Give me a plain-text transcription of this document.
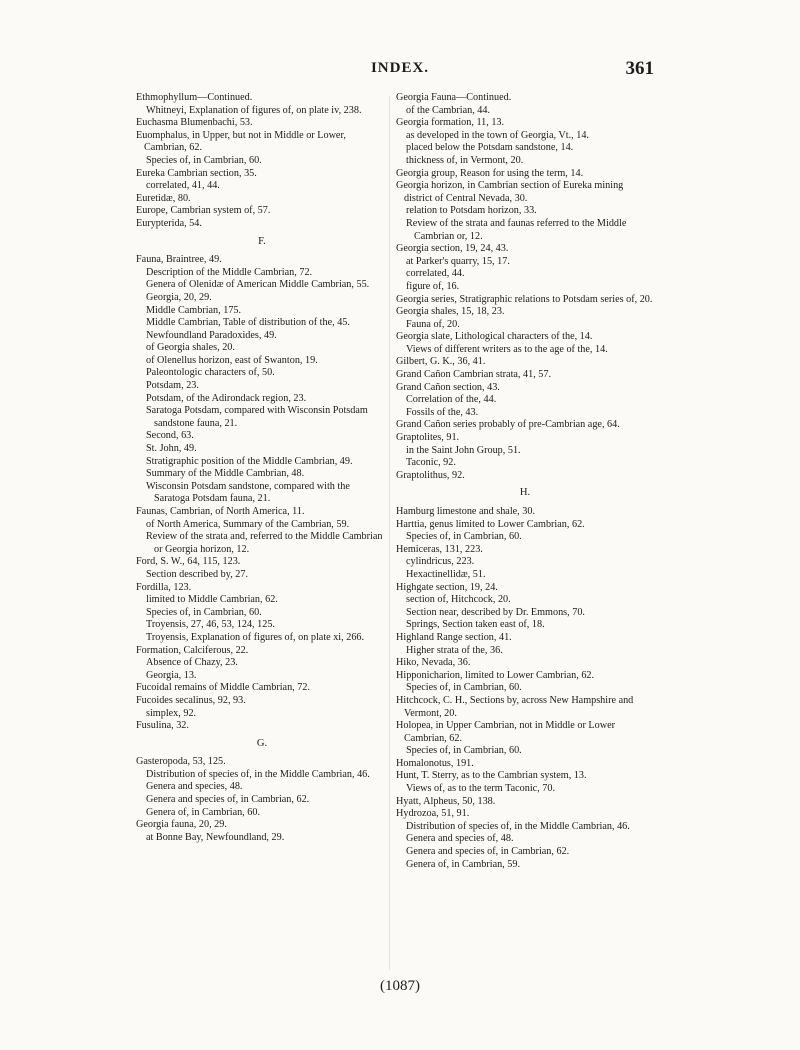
INDEX.	361
Ethmophyllum—Continued.
Whitneyi, Explanation of figures of, on plate iv, 238.
Euchasma Blumenbachi, 53.
Euomphalus, in Upper, but not in Middle or Lower, Cambrian, 62.
Species of, in Cambrian, 60.
Eureka Cambrian section, 35.
correlated, 41, 44.
Euretidæ, 80.
Europe, Cambrian system of, 57.
Eurypterida, 54.
F.
Fauna, Braintree, 49.
Description of the Middle Cambrian, 72.
Genera of Olenidæ of American Middle Cambrian, 55.
Georgia, 20, 29.
Middle Cambrian, 175.
Middle Cambrian, Table of distribution of the, 45.
Newfoundland Paradoxides, 49.
of Georgia shales, 20.
of Olenellus horizon, east of Swanton, 19.
Paleontologic characters of, 50.
Potsdam, 23.
Potsdam, of the Adirondack region, 23.
Saratoga Potsdam, compared with Wisconsin Potsdam sandstone fauna, 21.
Second, 63.
St. John, 49.
Stratigraphic position of the Middle Cambrian, 49.
Summary of the Middle Cambrian, 48.
Wisconsin Potsdam sandstone, compared with the Saratoga Potsdam fauna, 21.
Faunas, Cambrian, of North America, 11.
of North America, Summary of the Cambrian, 59.
Review of the strata and, referred to the Middle Cambrian or Georgia horizon, 12.
Ford, S. W., 64, 115, 123.
Section described by, 27.
Fordilla, 123.
limited to Middle Cambrian, 62.
Species of, in Cambrian, 60.
Troyensis, 27, 46, 53, 124, 125.
Troyensis, Explanation of figures of, on plate xi, 266.
Formation, Calciferous, 22.
Absence of Chazy, 23.
Georgia, 13.
Fucoidal remains of Middle Cambrian, 72.
Fucoides secalinus, 92, 93.
simplex, 92.
Fusulina, 32.
G.
Gasteropoda, 53, 125.
Distribution of species of, in the Middle Cambrian, 46.
Genera and species, 48.
Genera and species of, in Cambrian, 62.
Genera of, in Cambrian, 60.
Georgia fauna, 20, 29.
at Bonne Bay, Newfoundland, 29.
Georgia Fauna—Continued.
of the Cambrian, 44.
Georgia formation, 11, 13.
as developed in the town of Georgia, Vt., 14.
placed below the Potsdam sandstone, 14.
thickness of, in Vermont, 20.
Georgia group, Reason for using the term, 14.
Georgia horizon, in Cambrian section of Eureka mining district of Central Nevada, 30.
relation to Potsdam horizon, 33.
Review of the strata and faunas referred to the Middle Cambrian or, 12.
Georgia section, 19, 24, 43.
at Parker's quarry, 15, 17.
correlated, 44.
figure of, 16.
Georgia series, Stratigraphic relations to Potsdam series of, 20.
Georgia shales, 15, 18, 23.
Fauna of, 20.
Georgia slate, Lithological characters of the, 14.
Views of different writers as to the age of the, 14.
Gilbert, G. K., 36, 41.
Grand Cañon Cambrian strata, 41, 57.
Grand Cañon section, 43.
Correlation of the, 44.
Fossils of the, 43.
Grand Cañon series probably of pre-Cambrian age, 64.
Graptolites, 91.
in the Saint John Group, 51.
Taconic, 92.
Graptolithus, 92.
H.
Hamburg limestone and shale, 30.
Harttia, genus limited to Lower Cambrian, 62.
Species of, in Cambrian, 60.
Hemiceras, 131, 223.
cylindricus, 223.
Hexactinellidæ, 51.
Highgate section, 19, 24.
section of, Hitchcock, 20.
Section near, described by Dr. Emmons, 70.
Springs, Section taken east of, 18.
Highland Range section, 41.
Higher strata of the, 36.
Hiko, Nevada, 36.
Hipponicharion, limited to Lower Cambrian, 62.
Species of, in Cambrian, 60.
Hitchcock, C. H., Sections by, across New Hampshire and Vermont, 20.
Holopea, in Upper Cambrian, not in Middle or Lower Cambrian, 62.
Species of, in Cambrian, 60.
Homalonotus, 191.
Hunt, T. Sterry, as to the Cambrian system, 13.
Views of, as to the term Taconic, 70.
Hyatt, Alpheus, 50, 138.
Hydrozoa, 51, 91.
Distribution of species of, in the Middle Cambrian, 46.
Genera and species of, 48.
Genera and species of, in Cambrian, 62.
Genera of, in Cambrian, 59.
(1087)
